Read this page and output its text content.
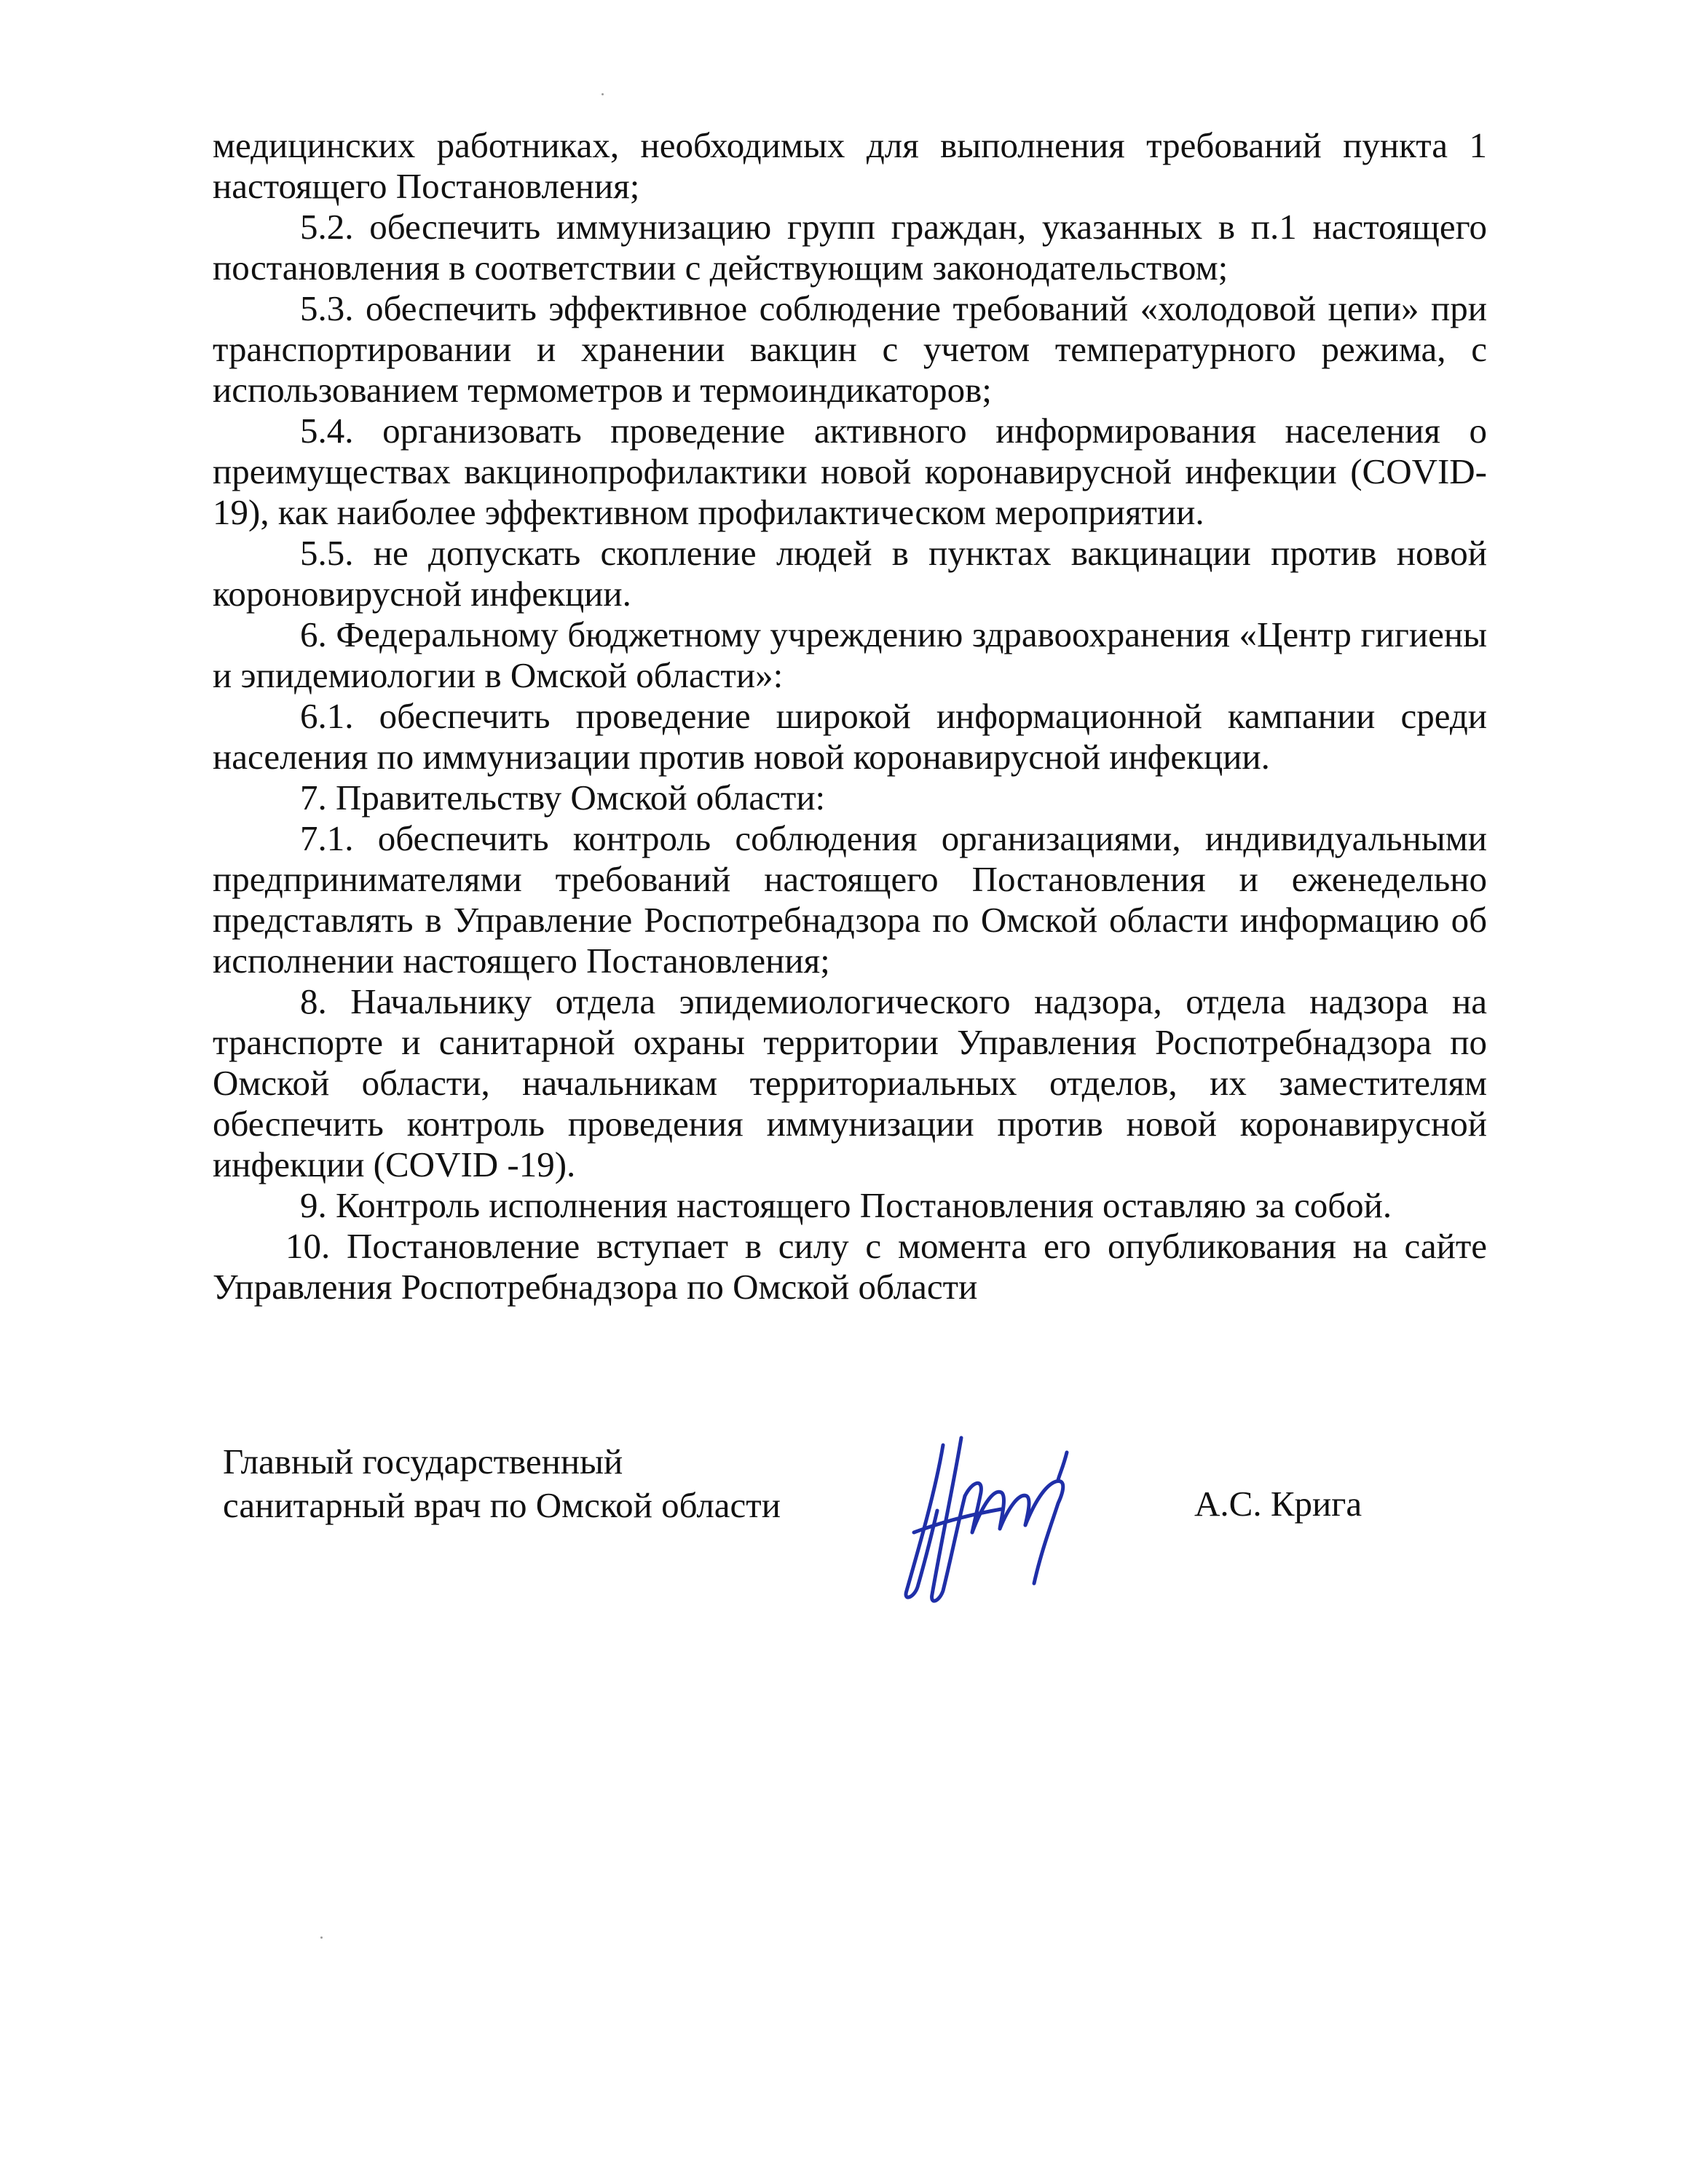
медицинских работниках, необходимых для выполнения требований пункта 1 настоящего Постановления;

5.2. обеспечить иммунизацию групп граждан, указанных в п.1 настоящего постановления в соответствии с действующим законодательством;

5.3. обеспечить эффективное соблюдение требований «холодовой цепи» при транспортировании и хранении вакцин с учетом температурного режима, с использованием термометров и термоиндикаторов;

5.4. организовать проведение активного информирования населения о преимуществах вакцинопрофилактики новой коронавирусной инфекции (COVID-19), как наиболее эффективном профилактическом мероприятии.

5.5. не допускать скопление людей в пунктах вакцинации против новой короновирусной инфекции.

6. Федеральному бюджетному учреждению здравоохранения «Центр гигиены и эпидемиологии в Омской области»:

6.1. обеспечить проведение широкой информационной кампании среди населения по иммунизации против новой коронавирусной инфекции.

7. Правительству Омской области:

7.1. обеспечить контроль соблюдения организациями, индивидуальными предпринимателями требований настоящего Постановления и еженедельно представлять в Управление Роспотребнадзора по Омской области информацию об исполнении настоящего Постановления;

8. Начальнику отдела эпидемиологического надзора, отдела надзора на транспорте и санитарной охраны территории Управления Роспотребнадзора по Омской области, начальникам территориальных отделов, их заместителям обеспечить контроль проведения иммунизации против новой коронавирусной инфекции (COVID -19).

9. Контроль исполнения настоящего Постановления оставляю за собой.

10. Постановление вступает в силу с момента его опубликования на сайте Управления Роспотребнадзора по Омской области

Главный государственный
санитарный врач по Омской области	А.С. Крига
